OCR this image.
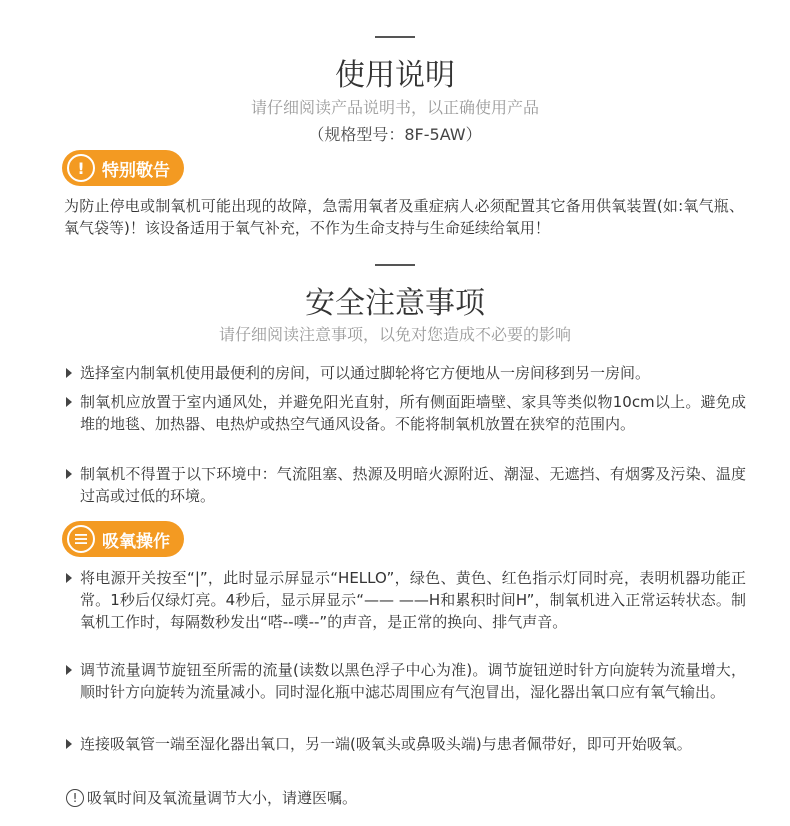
使用说明
请仔细阅读产品说明书，以正确使用产品
（规格型号：8F-5AW）
!	特别敬告
为防止停电或制氧机可能出现的故障，急需用氧者及重症病人必须配置其它备用供氧装置(如:氧气瓶、氧气袋等)！该设备适用于氧气补充，不作为生命支持与生命延续给氧用！
安全注意事项
请仔细阅读注意事项，以免对您造成不必要的影响
选择室内制氧机使用最便利的房间，可以通过脚轮将它方便地从一房间移到另一房间。
制氧机应放置于室内通风处，并避免阳光直射，所有侧面距墙壁、家具等类似物10cm以上。避免成堆的地毯、加热器、电热炉或热空气通风设备。不能将制氧机放置在狭窄的范围内。
制氧机不得置于以下环境中：气流阻塞、热源及明暗火源附近、潮湿、无遮挡、有烟雾及污染、温度过高或过低的环境。
吸氧操作
将电源开关按至“|”，此时显示屏显示“HELLO”，绿色、黄色、红色指示灯同时亮，表明机器功能正常。1秒后仅绿灯亮。4秒后，显示屏显示“—— ——H和累积时间H”，制氧机进入正常运转状态。制氧机工作时，每隔数秒发出“嗒--噗--”的声音，是正常的换向、排气声音。
调节流量调节旋钮至所需的流量(读数以黑色浮子中心为准)。调节旋钮逆时针方向旋转为流量增大，顺时针方向旋转为流量减小。同时湿化瓶中滤芯周围应有气泡冒出，湿化器出氧口应有氧气输出。
连接吸氧管一端至湿化器出氧口，另一端(吸氧头或鼻吸头端)与患者佩带好，即可开始吸氧。
! 吸氧时间及氧流量调节大小，请遵医嘱。
